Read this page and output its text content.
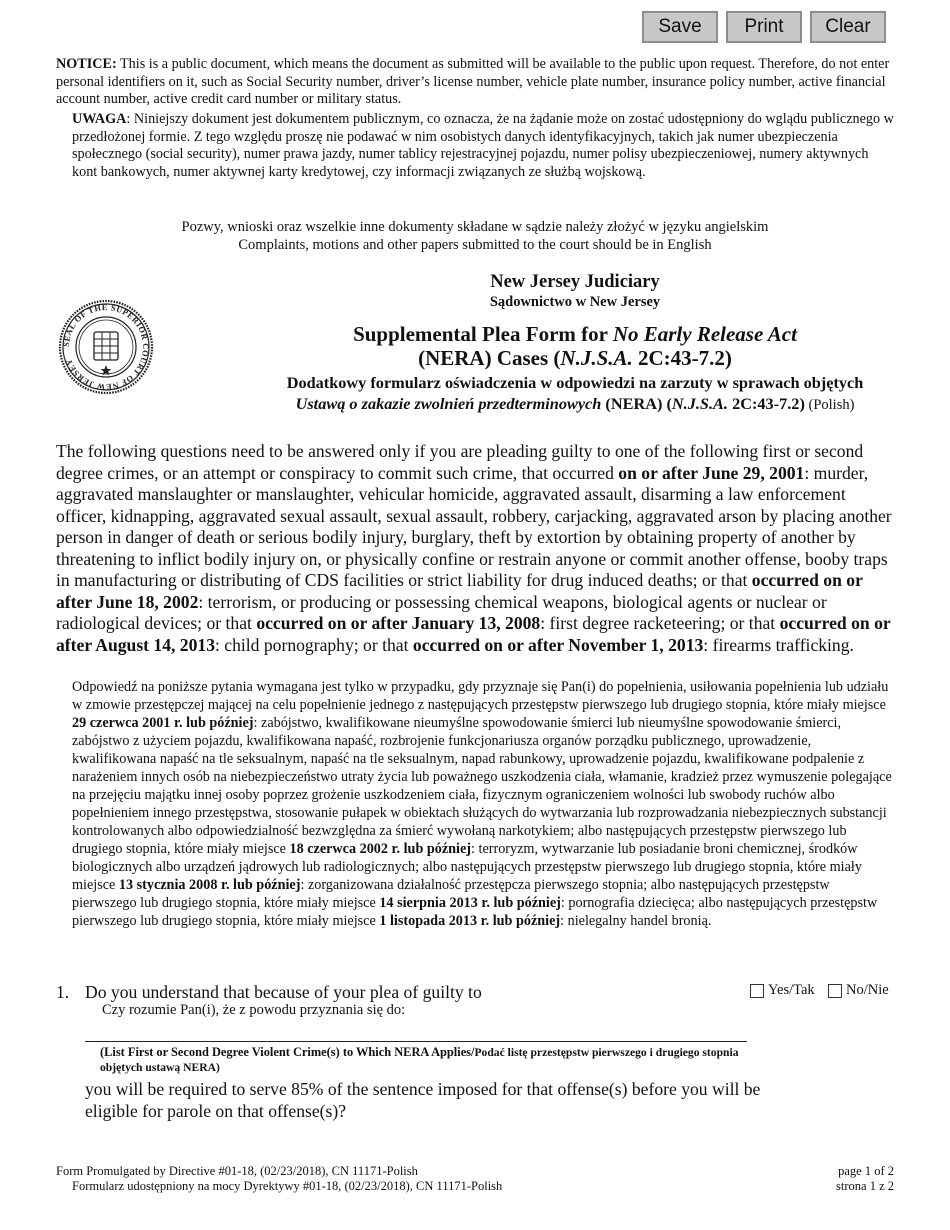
Save	Print	Clear
NOTICE: This is a public document, which means the document as submitted will be available to the public upon request. Therefore, do not enter personal identifiers on it, such as Social Security number, driver’s license number, vehicle plate number, insurance policy number, active financial account number, active credit card number or military status.
UWAGA: Niniejszy dokument jest dokumentem publicznym, co oznacza, że na żądanie może on zostać udostępniony do wglądu publicznego w przedłożonej formie. Z tego względu proszę nie podawać w nim osobistych danych identyfikacyjnych, takich jak numer ubezpieczenia społecznego (social security), numer prawa jazdy, numer tablicy rejestracyjnej pojazdu, numer polisy ubezpieczeniowej, numery aktywnych kont bankowych, numer aktywnej karty kredytowej, czy informacji związanych ze służbą wojskową.
Pozwy, wnioski oraz wszelkie inne dokumenty składane w sądzie należy złożyć w języku angielskim
Complaints, motions and other papers submitted to the court should be in English
SEAL OF THE SUPERIOR COURT OF NEW JERSEY
New Jersey Judiciary
Sądownictwo w New Jersey
Supplemental Plea Form for No Early Release Act
(NERA) Cases (N.J.S.A. 2C:43-7.2)
Dodatkowy formularz oświadczenia w odpowiedzi na zarzuty w sprawach objętych
Ustawą o zakazie zwolnień przedterminowych (NERA) (N.J.S.A. 2C:43-7.2) (Polish)
The following questions need to be answered only if you are pleading guilty to one of the following first or second degree crimes, or an attempt or conspiracy to commit such crime, that occurred on or after June 29, 2001: murder, aggravated manslaughter or manslaughter, vehicular homicide, aggravated assault, disarming a law enforcement officer, kidnapping, aggravated sexual assault, sexual assault, robbery, carjacking, aggravated arson by placing another person in danger of death or serious bodily injury, burglary, theft by extortion by obtaining property of another by threatening to inflict bodily injury on, or physically confine or restrain anyone or commit another offense, booby traps in manufacturing or distributing of CDS facilities or strict liability for drug induced deaths; or that occurred on or after June 18, 2002: terrorism, or producing or possessing chemical weapons, biological agents or nuclear or radiological devices; or that occurred on or after January 13, 2008: first degree racketeering; or that occurred on or after August 14, 2013: child pornography; or that occurred on or after November 1, 2013: firearms trafficking.
Odpowiedź na poniższe pytania wymagana jest tylko w przypadku, gdy przyznaje się Pan(i) do popełnienia, usiłowania popełnienia lub udziału w zmowie przestępczej mającej na celu popełnienie jednego z następujących przestępstw pierwszego lub drugiego stopnia, które miały miejsce 29 czerwca 2001 r. lub później: zabójstwo, kwalifikowane nieumyślne spowodowanie śmierci lub nieumyślne spowodowanie śmierci, zabójstwo z użyciem pojazdu, kwalifikowana napaść, rozbrojenie funkcjonariusza organów porządku publicznego, uprowadzenie, kwalifikowana napaść na tle seksualnym, napaść na tle seksualnym, napad rabunkowy, uprowadzenie pojazdu, kwalifikowane podpalenie z narażeniem innych osób na niebezpieczeństwo utraty życia lub poważnego uszkodzenia ciała, włamanie, kradzież przez wymuszenie polegające na przejęciu majątku innej osoby poprzez grożenie uszkodzeniem ciała, fizycznym ograniczeniem wolności lub swobody ruchów albo popełnieniem innego przestępstwa, stosowanie pułapek w obiektach służących do wytwarzania lub rozprowadzania niebezpiecznych substancji kontrolowanych albo odpowiedzialność bezwzględna za śmierć wywołaną narkotykiem; albo następujących przestępstw pierwszego lub drugiego stopnia, które miały miejsce 18 czerwca 2002 r. lub później: terroryzm, wytwarzanie lub posiadanie broni chemicznej, środków biologicznych albo urządzeń jądrowych lub radiologicznych; albo następujących przestępstw pierwszego lub drugiego stopnia, które miały miejsce 13 stycznia 2008 r. lub później: zorganizowana działalność przestępcza pierwszego stopnia; albo następujących przestępstw pierwszego lub drugiego stopnia, które miały miejsce 14 sierpnia 2013 r. lub później: pornografia dziecięca; albo następujących przestępstw pierwszego lub drugiego stopnia, które miały miejsce 1 listopada 2013 r. lub później: nielegalny handel bronią.
1. Do you understand that because of your plea of guilty to
Czy rozumie Pan(i), że z powodu przyznania się do:
Yes/Tak No/Nie
(List First or Second Degree Violent Crime(s) to Which NERA Applies/Podać listę przestępstw pierwszego i drugiego stopnia objętych ustawą NERA)
you will be required to serve 85% of the sentence imposed for that offense(s) before you will be eligible for parole on that offense(s)?
Form Promulgated by Directive #01-18, (02/23/2018), CN 11171-Polish
Formularz udostępniony na mocy Dyrektywy #01-18, (02/23/2018), CN 11171-Polish
page 1 of 2
strona 1 z 2
